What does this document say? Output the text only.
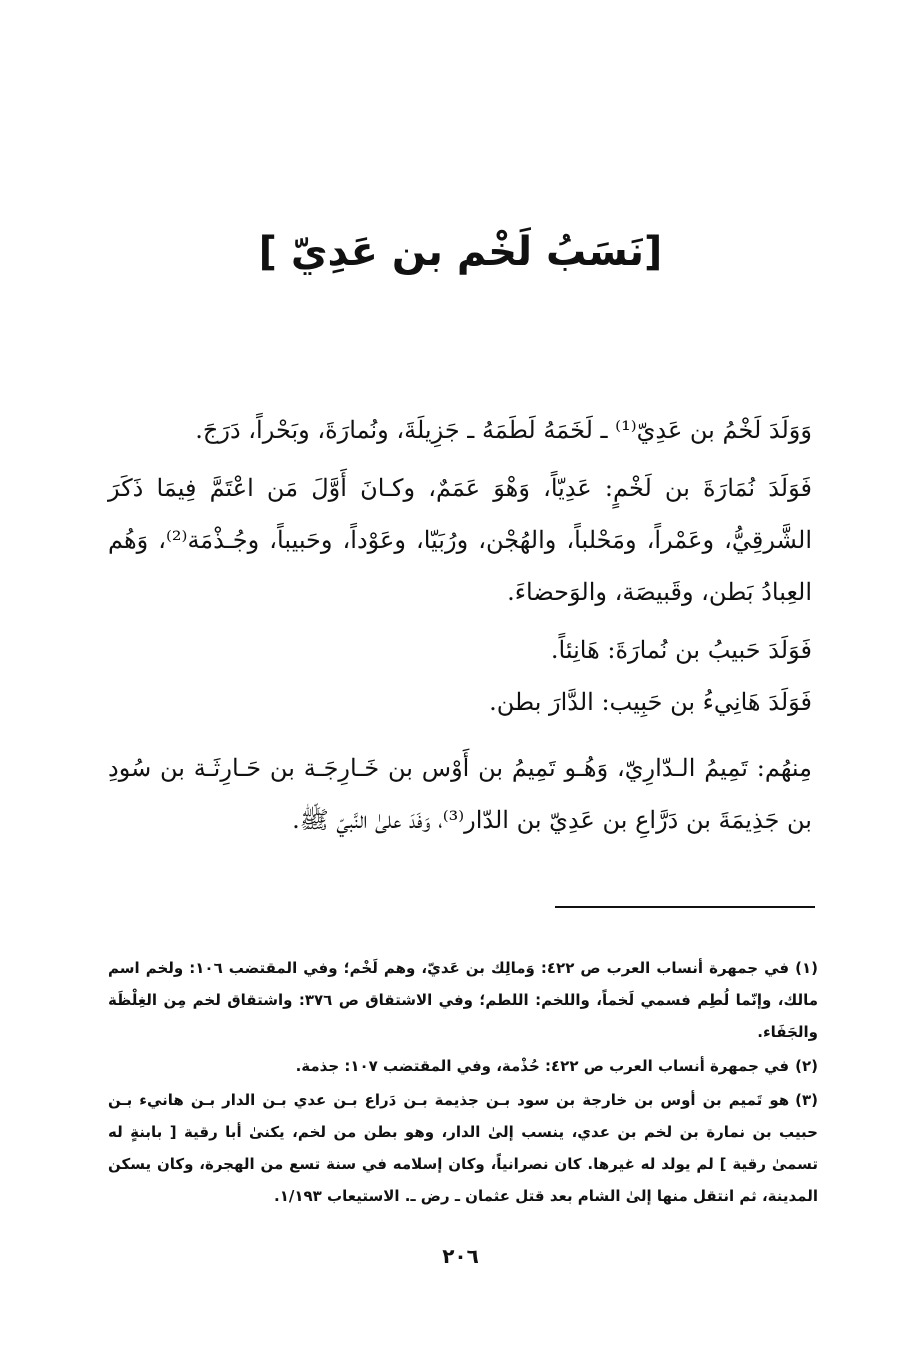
[نَسَبُ لَخْم بن عَدِيّ ]

وَوَلَدَ لَخْمُ بن عَدِيّ⁽¹⁾ ـ لَخَمَهُ لَطَمَهُ ـ جَزِيلَةَ، ونُمارَةَ، وبَحْراً، دَرَجَ.

فَوَلَدَ نُمَارَةَ بن لَخْمٍ: عَدِيّاً، وَهْوَ عَمَمٌ، وكـانَ أَوَّلَ مَن اعْتَمَّ فِيمَا ذَكَرَ الشَّرقِيُّ، وعَمْراً، ومَحْلباً، والهُجْن، ورُبَيّا، وعَوْداً، وحَبيباً، وجُـذْمَة⁽²⁾، وَهُم العِبادُ بَطن، وقَبيصَة، والوَحضاءَ.

فَوَلَدَ حَبيبُ بن نُمارَةَ: هَانِئاً.

فَوَلَدَ هَانِيءُ بن حَبِيب: الدَّارَ بطن.

مِنهُم: تَمِيمُ الـدّارِيّ، وَهُـو تَمِيمُ بن أَوْس بن خَـارِجَـة بن حَـارِثَـة بن سُودِ بن جَذِيمَةَ بن دَرَّاعِ بن عَدِيّ بن الدّار⁽³⁾، وَفَدَ علىٰ النَّبيّ ﷺ.

(١)في جمهرة أنساب العرب ص ٤٢٢: وَمالِك بن عَديّ، وهم لَخْم؛ وفي المقتضب ١٠٦: ولخم اسم مالك، وإنّما لُطِم فسمي لَخماً، واللخم: اللطم؛ وفي الاشتقاق ص ٣٧٦: واشتقاق لخم مِن الغِلْظَة والجَفَاء.

(٢)في جمهرة أنساب العرب ص ٤٢٢: حُذْمة، وفي المقتضب ١٠٧: جذمة.

(٣)هو تَميم بن أوس بن خارجة بن سود بـن جذيمة بـن دَراع بـن عدي بـن الدار بـن هانيء بـن حبيب بن نمارة بن لخم بن عدي، ينسب إلىٰ الدار، وهو بطن من لخم، يكنىٰ أبا رقية [ بابنةٍ له تسمىٰ رقية ] لم يولد له غيرها. كان نصرانياً، وكان إسلامه في سنة تسع من الهجرة، وكان يسكن المدينة، ثم انتقل منها إلىٰ الشام بعد قتل عثمان ـ رض ـ. الاستيعاب ١/١٩٣.

٢٠٦
